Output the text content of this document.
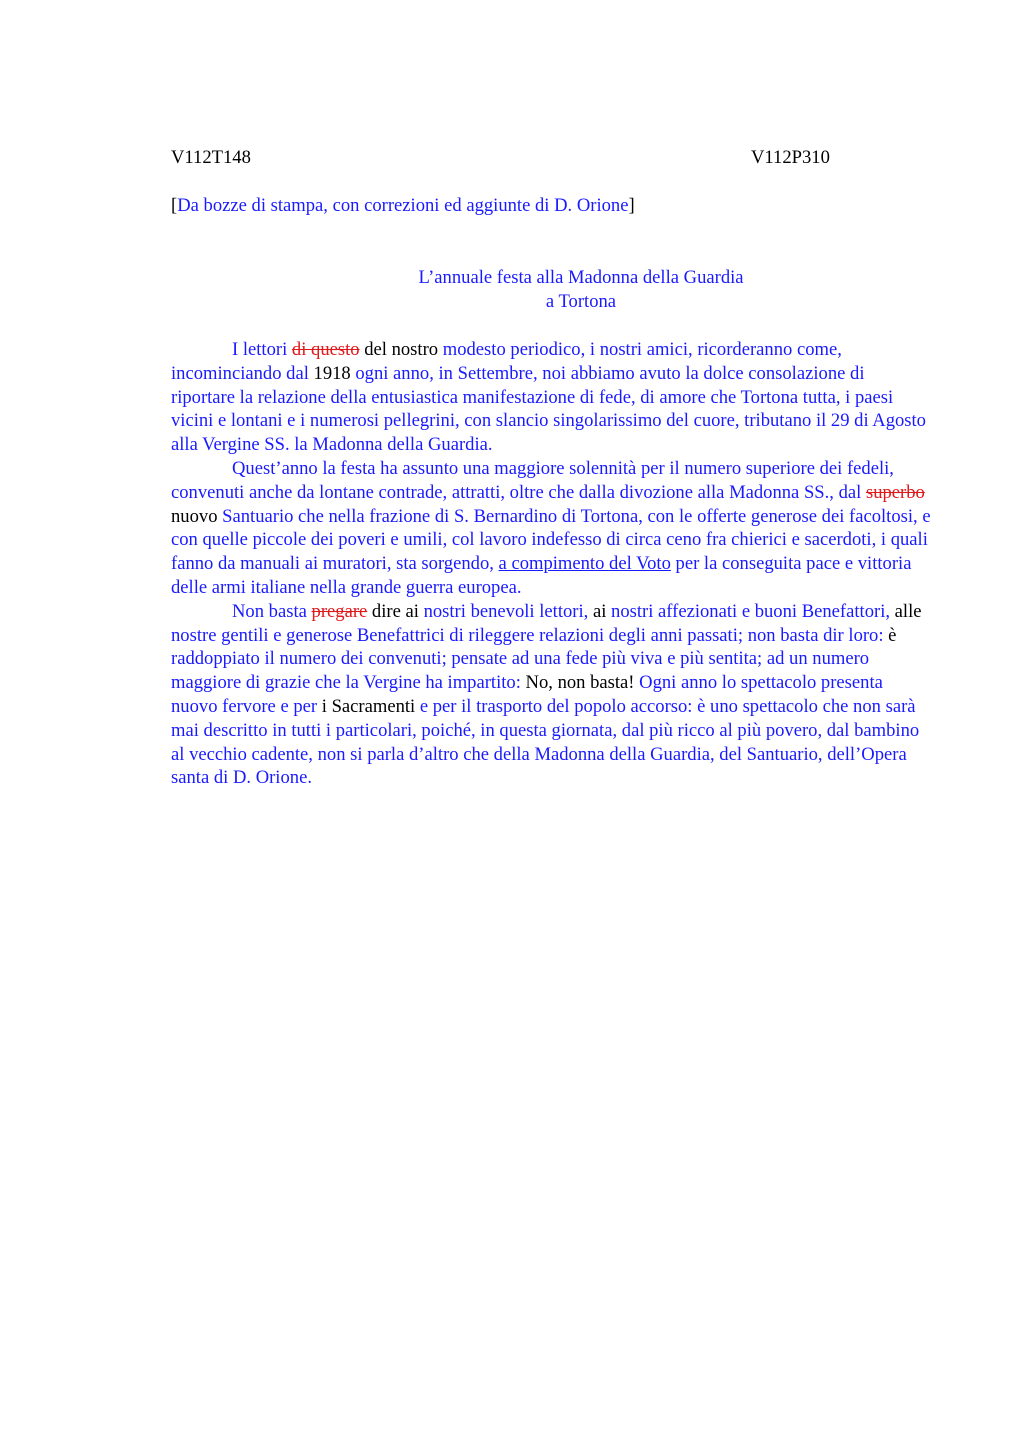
V112T148	V112P310
[Da bozze di stampa, con correzioni ed aggiunte di D. Orione]
L’annuale festa alla Madonna della Guardia
a Tortona

I lettori di questo del nostro modesto periodico, i nostri amici, ricorderanno come, incominciando dal 1918 ogni anno, in Settembre, noi abbiamo avuto la dolce consolazione di riportare la relazione della entusiastica manifestazione di fede, di amore che Tortona tutta, i paesi vicini e lontani e i numerosi pellegrini, con slancio singolarissimo del cuore, tributano il 29 di Agosto alla Vergine SS. la Madonna della Guardia.

Quest’anno la festa ha assunto una maggiore solennità per il numero superiore dei fedeli, convenuti anche da lontane contrade, attratti, oltre che dalla divozione alla Madonna SS., dal superbo nuovo Santuario che nella frazione di S. Bernardino di Tortona, con le offerte generose dei facoltosi, e con quelle piccole dei poveri e umili, col lavoro indefesso di circa ceno fra chierici e sacerdoti, i quali fanno da manuali ai muratori, sta sorgendo, a compimento del Voto per la conseguita pace e vittoria delle armi italiane nella grande guerra europea.

Non basta pregare dire ai nostri benevoli lettori, ai nostri affezionati e buoni Benefattori, alle nostre gentili e generose Benefattrici di rileggere relazioni degli anni passati; non basta dir loro: è raddoppiato il numero dei convenuti; pensate ad una fede più viva e più sentita; ad un numero maggiore di grazie che la Vergine ha impartito: No, non basta! Ogni anno lo spettacolo presenta nuovo fervore e per i Sacramenti e per il trasporto del popolo accorso: è uno spettacolo che non sarà mai descritto in tutti i particolari, poiché, in questa giornata, dal più ricco al più povero, dal bambino al vecchio cadente, non si parla d’altro che della Madonna della Guardia, del Santuario, dell’Opera santa di D. Orione.
